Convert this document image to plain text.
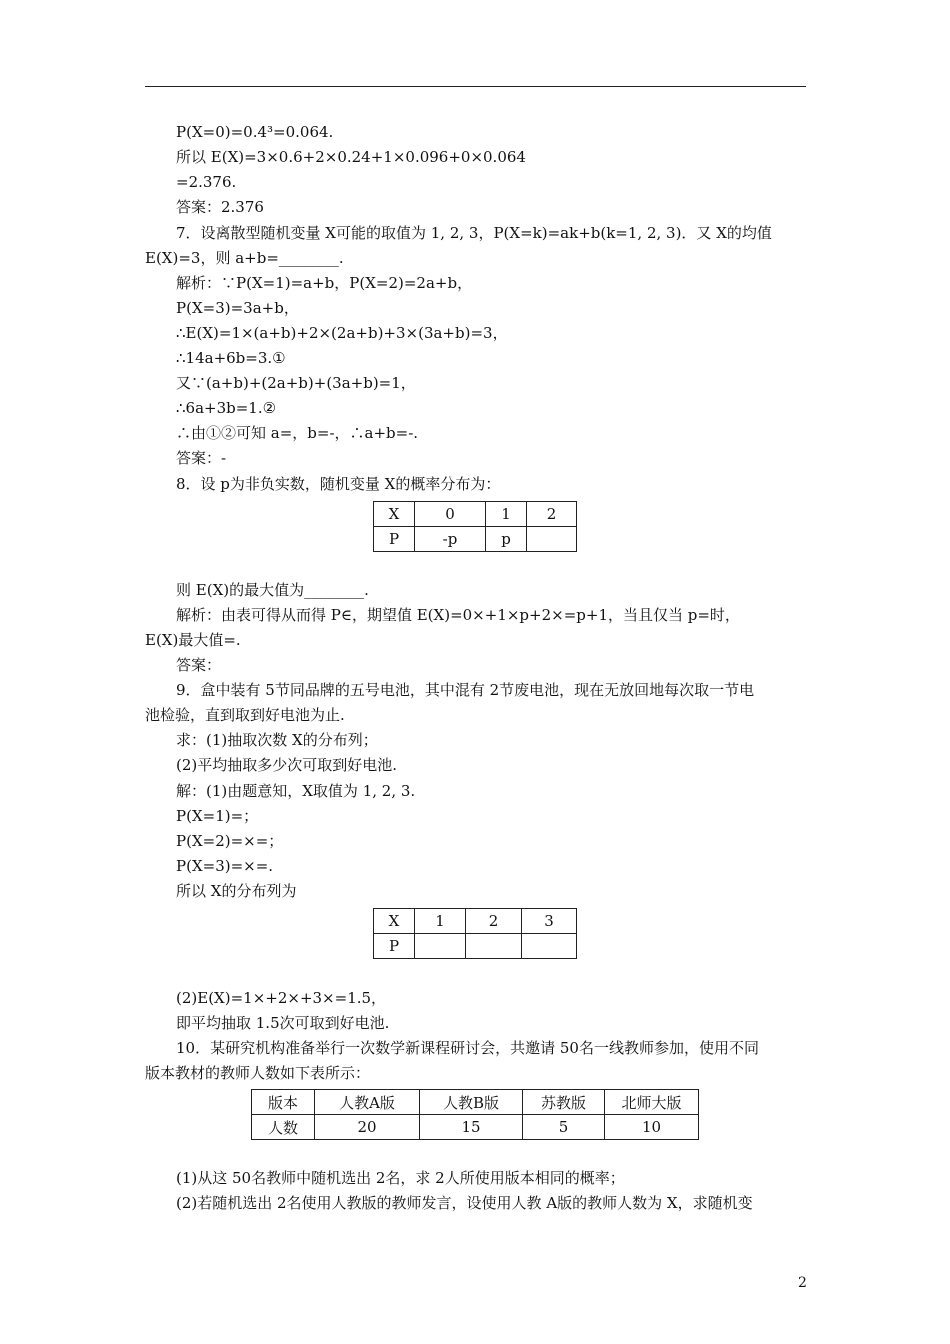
P(X=0)=0.4³=0.064.
所以 E(X)=3×0.6+2×0.24+1×0.096+0×0.064
=2.376.
答案：2.376
7．设离散型随机变量 X可能的取值为 1, 2, 3，P(X=k)=ak+b(k=1, 2, 3)．又 X的均值
E(X)=3，则 a+b=________.
解析：∵P(X=1)=a+b，P(X=2)=2a+b，
P(X=3)=3a+b，
∴E(X)=1×(a+b)+2×(2a+b)+3×(3a+b)=3，
∴14a+6b=3.①
又∵(a+b)+(2a+b)+(3a+b)=1，
∴6a+3b=1.②
∴由①②可知 a=，b=-，∴a+b=-.
答案：-
8．设 p为非负实数，随机变量 X的概率分布为：
X	0	1	2
P	-p	p	
则 E(X)的最大值为________.
解析：由表可得从而得 P∈，期望值 E(X)=0×+1×p+2×=p+1，当且仅当 p=时，
E(X)最大值=.
答案：
9．盒中装有 5节同品牌的五号电池，其中混有 2节废电池，现在无放回地每次取一节电
池检验，直到取到好电池为止.
求：(1)抽取次数 X的分布列；
(2)平均抽取多少次可取到好电池.
解：(1)由题意知，X取值为 1, 2, 3.
P(X=1)=；
P(X=2)=×=；
P(X=3)=×=.
所以 X的分布列为
X	1	2	3
P			
(2)E(X)=1×+2×+3×=1.5，
即平均抽取 1.5次可取到好电池.
10．某研究机构准备举行一次数学新课程研讨会，共邀请 50名一线教师参加，使用不同
版本教材的教师人数如下表所示：
版本	人教A版	人教B版	苏教版	北师大版
人数	20	15	5	10
(1)从这 50名教师中随机选出 2名，求 2人所使用版本相同的概率；
(2)若随机选出 2名使用人教版的教师发言，设使用人教 A版的教师人数为 X，求随机变
2
